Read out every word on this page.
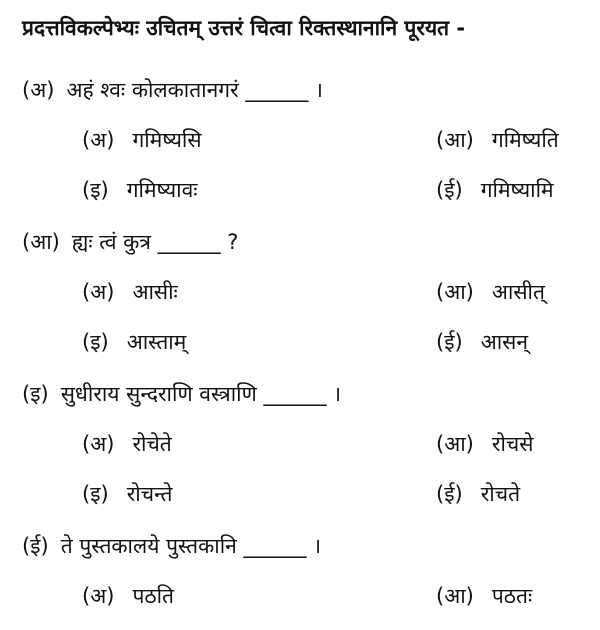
प्रदत्तविकल्पेभ्यः उचितम् उत्तरं चित्वा रिक्तस्थानानि पूरयत -
(अ) अहं श्वः कोलकातानगरं ______ ।
(अ) गमिष्यसि	(आ) गमिष्यति
(इ) गमिष्यावः	(ई) गमिष्यामि
(आ) ह्यः त्वं कुत्र ______ ?
(अ) आसीः	(आ) आसीत्
(इ) आस्ताम्	(ई) आसन्
(इ) सुधीराय सुन्दराणि वस्त्राणि ______ ।
(अ) रोचेते	(आ) रोचसे
(इ) रोचन्ते	(ई) रोचते
(ई) ते पुस्तकालये पुस्तकानि ______ ।
(अ) पठति	(आ) पठतः
